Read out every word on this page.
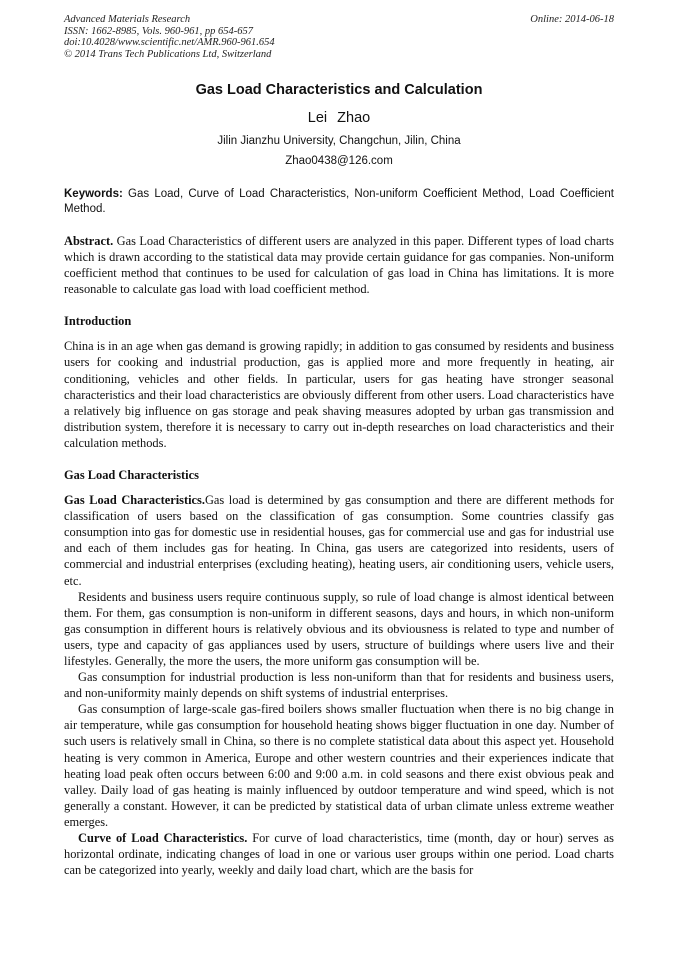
Advanced Materials Research
ISSN: 1662-8985, Vols. 960-961, pp 654-657
doi:10.4028/www.scientific.net/AMR.960-961.654
© 2014 Trans Tech Publications Ltd, Switzerland
Online: 2014-06-18
Gas Load Characteristics and Calculation
Lei Zhao
Jilin Jianzhu University, Changchun, Jilin, China
Zhao0438@126.com
Keywords: Gas Load, Curve of Load Characteristics, Non-uniform Coefficient Method, Load Coefficient Method.

Abstract. Gas Load Characteristics of different users are analyzed in this paper. Different types of load charts which is drawn according to the statistical data may provide certain guidance for gas companies. Non-uniform coefficient method that continues to be used for calculation of gas load in China has limitations. It is more reasonable to calculate gas load with load coefficient method.

Introduction

China is in an age when gas demand is growing rapidly; in addition to gas consumed by residents and business users for cooking and industrial production, gas is applied more and more frequently in heating, air conditioning, vehicles and other fields. In particular, users for gas heating have stronger seasonal characteristics and their load characteristics are obviously different from other users. Load characteristics have a relatively big influence on gas storage and peak shaving measures adopted by urban gas transmission and distribution system, therefore it is necessary to carry out in-depth researches on load characteristics and their calculation methods.

Gas Load Characteristics

Gas Load Characteristics.Gas load is determined by gas consumption and there are different methods for classification of users based on the classification of gas consumption. Some countries classify gas consumption into gas for domestic use in residential houses, gas for commercial use and gas for industrial use and each of them includes gas for heating. In China, gas users are categorized into residents, users of commercial and industrial enterprises (excluding heating), heating users, air conditioning users, vehicle users, etc.

Residents and business users require continuous supply, so rule of load change is almost identical between them. For them, gas consumption is non-uniform in different seasons, days and hours, in which non-uniform gas consumption in different hours is relatively obvious and its obviousness is related to type and number of users, type and capacity of gas appliances used by users, structure of buildings where users live and their lifestyles. Generally, the more the users, the more uniform gas consumption will be.

Gas consumption for industrial production is less non-uniform than that for residents and business users, and non-uniformity mainly depends on shift systems of industrial enterprises.

Gas consumption of large-scale gas-fired boilers shows smaller fluctuation when there is no big change in air temperature, while gas consumption for household heating shows bigger fluctuation in one day. Number of such users is relatively small in China, so there is no complete statistical data about this aspect yet. Household heating is very common in America, Europe and other western countries and their experiences indicate that heating load peak often occurs between 6:00 and 9:00 a.m. in cold seasons and there exist obvious peak and valley. Daily load of gas heating is mainly influenced by outdoor temperature and wind speed, which is not generally a constant. However, it can be predicted by statistical data of urban climate unless extreme weather emerges.

Curve of Load Characteristics. For curve of load characteristics, time (month, day or hour) serves as horizontal ordinate, indicating changes of load in one or various user groups within one period. Load charts can be categorized into yearly, weekly and daily load chart, which are the basis for
